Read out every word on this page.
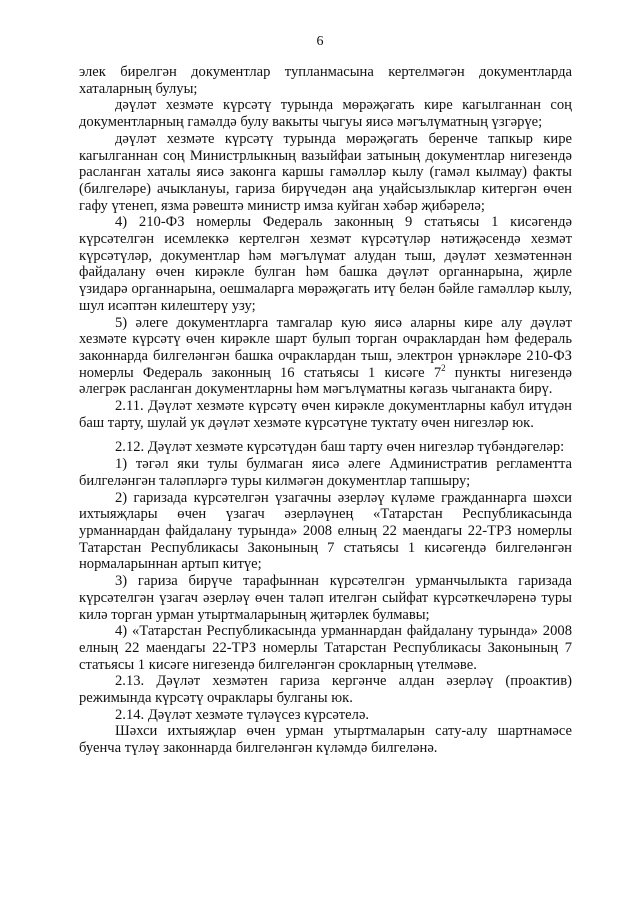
6

элек бирелгән документлар тупланмасына кертелмәгән документларда хаталарның булуы;

дәүләт хезмәте күрсәтү турында мөрәҗәгать кире кагылганнан соң документларның гамәлдә булу вакыты чыгуы яисә мәгълүматның үзгәрүе;

дәүләт хезмәте күрсәтү турында мөрәҗәгать беренче тапкыр кире кагылганнан соң Министрлыкның вазыйфаи затының документлар нигезендә расланган хаталы яисә законга каршы гамәлләр кылу (гамәл кылмау) факты (билгеләре) ачыклануы, гариза бирүчедән аңа уңайсызлыклар китергән өчен гафу үтенеп, язма рәвештә министр имза куйган хәбәр җибәрелә;

4) 210-ФЗ номерлы Федераль законның 9 статьясы 1 кисәгендә күрсәтелгән исемлеккә кертелгән хезмәт күрсәтүләр нәтиҗәсендә хезмәт күрсәтүләр, документлар һәм мәгълүмат алудан тыш, дәүләт хезмәтеннән файдалану өчен кирәкле булган һәм башка дәүләт органнарына, җирле үзидарә органнарына, оешмаларга мөрәҗәгать итү белән бәйле гамәлләр кылу, шул исәптән килештерү узу;

5) әлеге документларга тамгалар кую яисә аларны кире алу дәүләт хезмәте күрсәтү өчен кирәкле шарт булып торган очраклардан һәм федераль законнарда билгеләнгән башка очраклардан тыш, электрон үрнәкләре 210-ФЗ номерлы Федераль законның 16 статьясы 1 кисәге $7^2$ пункты нигезендә әлегрәк расланган документларны һәм мәгълүматны кәгазь чыганакта бирү.

2.11. Дәүләт хезмәте күрсәтү өчен кирәкле документларны кабул итүдән баш тарту, шулай ук дәүләт хезмәте күрсәтүне туктату өчен нигезләр юк.

2.12. Дәүләт хезмәте күрсәтүдән баш тарту өчен нигезләр түбәндәгеләр:

1) тәгәл яки тулы булмаган яисә әлеге Административ регламентта билгеләнгән таләпләргә туры килмәгән документлар тапшыру;

2) гаризада күрсәтелгән үзагачны әзерләү күләме гражданнарга шәхси ихтыяҗлары өчен үзагач әзерләүнең «Татарстан Республикасында урманнардан файдалану турында» 2008 елның 22 маендагы 22-ТРЗ номерлы Татарстан Республикасы Законының 7 статьясы 1 кисәгендә билгеләнгән нормаларыннан артып китүе;

3) гариза бирүче тарафыннан күрсәтелгән урманчылыкта гаризада күрсәтелгән үзагач әзерләү өчен таләп ителгән сыйфат күрсәткечләренә туры килә торган урман утыртмаларының җитәрлек булмавы;

4) «Татарстан Республикасында урманнардан файдалану турында» 2008 елның 22 маендагы 22-ТРЗ номерлы Татарстан Республикасы Законының 7 статьясы 1 кисәге нигезендә билгеләнгән срокларның үтелмәве.

2.13. Дәүләт хезмәтен гариза кергәнче алдан әзерләү (проактив) режимында күрсәтү очраклары булганы юк.

2.14. Дәүләт хезмәте түләүсез күрсәтелә.

Шәхси ихтыяҗлар өчен урман утыртмаларын сату-алу шартнамәсе буенча түләү законнарда билгеләнгән күләмдә билгеләнә.
